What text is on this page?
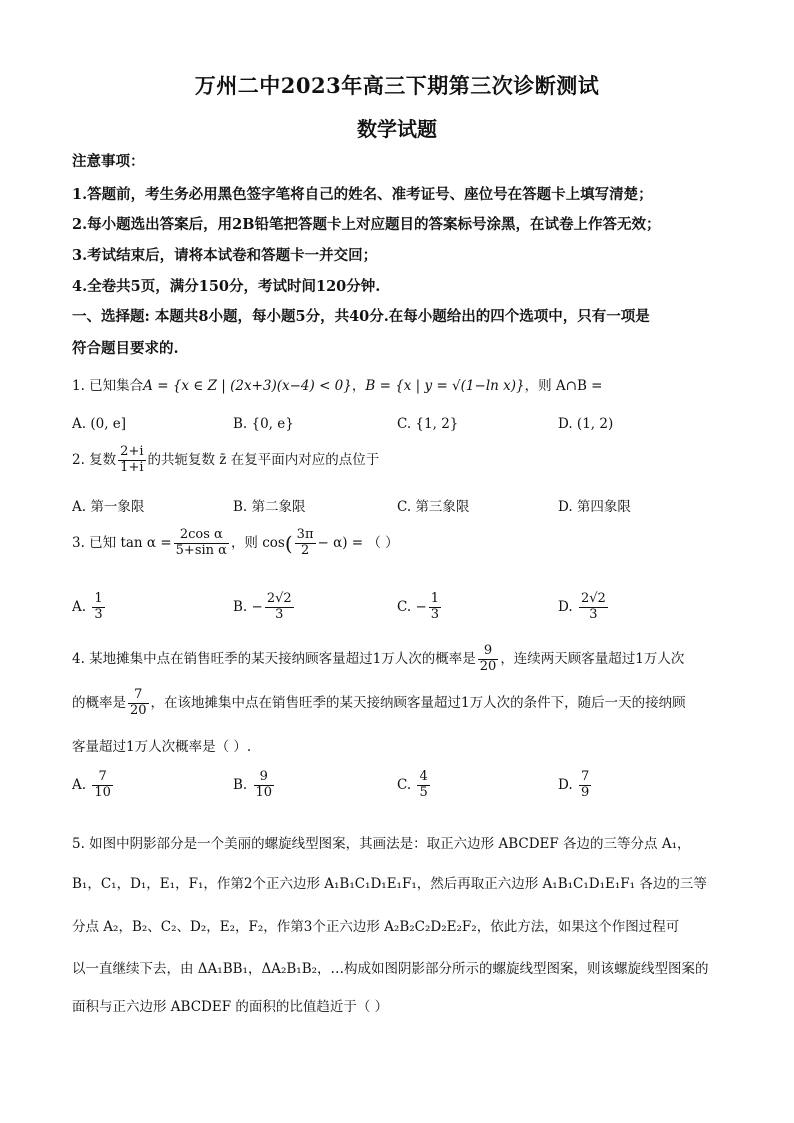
万州二中2023年高三下期第三次诊断测试
数学试题
注意事项：
1.答题前，考生务必用黑色签字笔将自己的姓名、准考证号、座位号在答题卡上填写清楚；
2.每小题选出答案后，用2B铅笔把答题卡上对应题目的答案标号涂黑，在试卷上作答无效；
3.考试结束后，请将本试卷和答题卡一并交回；
4.全卷共5页，满分150分，考试时间120分钟.
一、选择题: 本题共8小题，每小题5分，共40分.在每小题给出的四个选项中，只有一项是
符合题目要求的.
1. 已知集合A = {x ∈ Z | (2x+3)(x−4) < 0}，B = {x | y = √(1−ln x)}，则 A∩B =
A. (0, e]	B. {0, e}	C. {1, 2}	D. (1, 2)
2. 复数 $\frac{2+i}{1+i}$ 的共轭复数 z̄ 在复平面内对应的点位于
A. 第一象限	B. 第二象限	C. 第三象限	D. 第四象限
3. 已知 $\tan \alpha = \frac{\text{2cos α}}{\text{5+sin α}}$ ，则 $\cos( \frac{3\pi}{2} - \alpha)$ = （ ）
A. $\frac{1}{3}$	B. − $\frac{2√2}{3}$	C. − $\frac{1}{3}$	D. $\frac{2√2}{3}$
4. 某地摊集中点在销售旺季的某天接纳顾客量超过1万人次的概率是 $\frac{9}{20}$ ，连续两天顾客量超过1万人次
的概率是 $\frac{7}{20}$ ，在该地摊集中点在销售旺季的某天接纳顾客量超过1万人次的条件下，随后一天的接纳顾
客量超过1万人次概率是（ ）.
A. $\frac{7}{10}$	B. $\frac{9}{10}$	C. $\frac{4}{5}$	D. $\frac{7}{9}$
5. 如图中阴影部分是一个美丽的螺旋线型图案，其画法是：取正六边形 ABCDEF 各边的三等分点 A₁，
B₁，C₁，D₁，E₁，F₁，作第2个正六边形 A₁B₁C₁D₁E₁F₁，然后再取正六边形 A₁B₁C₁D₁E₁F₁ 各边的三等
分点 A₂，B₂、C₂、D₂，E₂，F₂，作第3个正六边形 A₂B₂C₂D₂E₂F₂，依此方法，如果这个作图过程可
以一直继续下去，由 ΔA₁BB₁，ΔA₂B₁B₂，…构成如图阴影部分所示的螺旋线型图案，则该螺旋线型图案的
面积与正六边形 ABCDEF 的面积的比值趋近于（ ）
